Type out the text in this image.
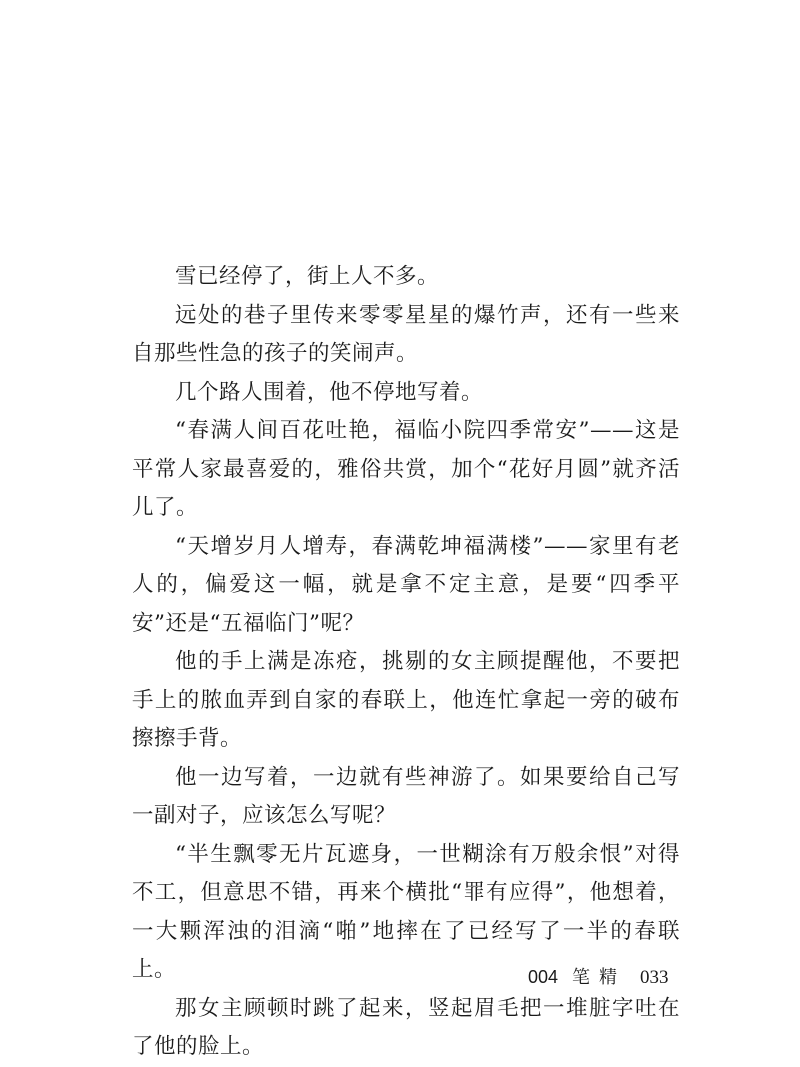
雪已经停了，街上人不多。

远处的巷子里传来零零星星的爆竹声，还有一些来自那些性急的孩子的笑闹声。

几个路人围着，他不停地写着。

“春满人间百花吐艳，福临小院四季常安”——这是平常人家最喜爱的，雅俗共赏，加个“花好月圆”就齐活儿了。

“天增岁月人增寿，春满乾坤福满楼”——家里有老人的，偏爱这一幅，就是拿不定主意，是要“四季平安”还是“五福临门”呢？

他的手上满是冻疮，挑剔的女主顾提醒他，不要把手上的脓血弄到自家的春联上，他连忙拿起一旁的破布擦擦手背。

他一边写着，一边就有些神游了。如果要给自己写一副对子，应该怎么写呢？

“半生飘零无片瓦遮身，一世糊涂有万般余恨”对得不工，但意思不错，再来个横批“罪有应得”，他想着，一大颗浑浊的泪滴“啪”地摔在了已经写了一半的春联上。

那女主顾顿时跳了起来，竖起眉毛把一堆脏字吐在了他的脸上。

004 笔精 033
